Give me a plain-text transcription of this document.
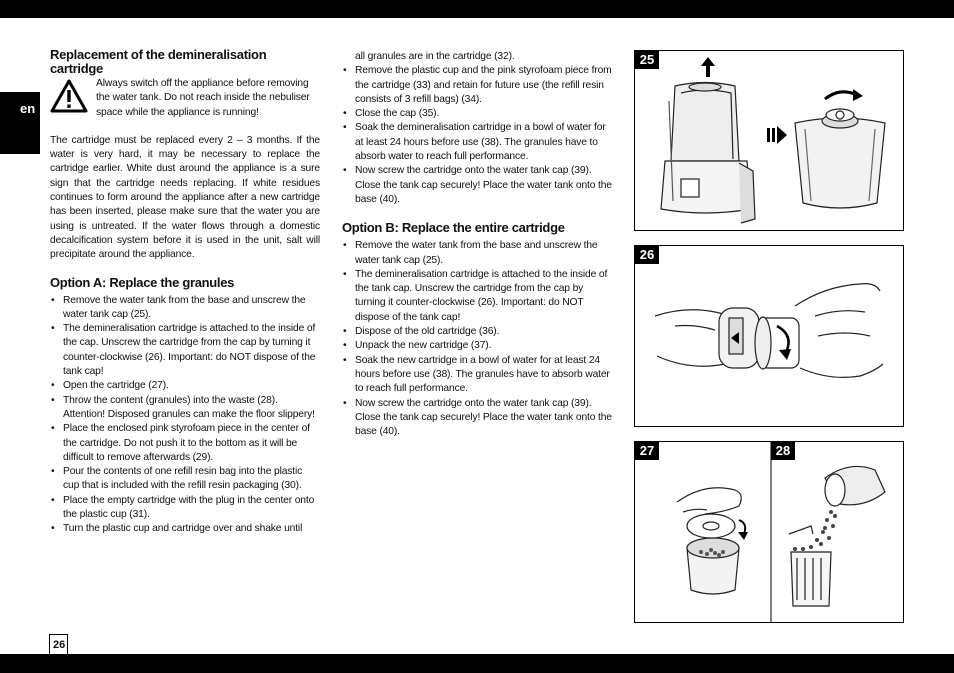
en
26
Replacement of the demineralisation cartridge
Always switch off the appliance before removing the water tank. Do not reach inside the nebuliser space while the appliance is running!
The cartridge must be replaced every 2 – 3 months. If the water is very hard, it may be necessary to replace the cartridge earlier. White dust around the appliance is a sure sign that the cartridge needs replacing. If white residues continues to form around the appliance after a new cartridge has been inserted, please make sure that the water you are using is untreated. If the water flows through a domestic decalcification system before it is used in the unit, salt will precipitate around the appliance.
Option A: Replace the granules
• Remove the water tank from the base and unscrew the water tank cap (25).
• The demineralisation cartridge is attached to the inside of the cap. Unscrew the cartridge from the cap by turning it counter-clockwise (26). Important: do NOT dispose of the tank cap!
• Open the cartridge (27).
• Throw the content (granules) into the waste (28). Attention! Disposed granules can make the floor slippery!
• Place the enclosed pink styrofoam piece in the center of the cartridge. Do not push it to the bottom as it will be difficult to remove afterwards (29).
• Pour the contents of one refill resin bag into the plastic cup that is included with the refill resin packaging (30).
• Place the empty cartridge with the plug in the center onto the plastic cup (31).
• Turn the plastic cup and cartridge over and shake until
all granules are in the cartridge (32).
• Remove the plastic cup and the pink styrofoam piece from the cartridge (33) and retain for future use (the refill resin consists of 3 refill bags) (34).
• Close the cap (35).
• Soak the demineralisation cartridge in a bowl of water for at least 24 hours before use (38). The granules have to absorb water to reach full performance.
• Now screw the cartridge onto the water tank cap (39). Close the tank cap securely! Place the water tank onto the base (40).
Option B: Replace the entire cartridge
• Remove the water tank from the base and unscrew the water tank cap (25).
• The demineralisation cartridge is attached to the inside of the tank cap. Unscrew the cartridge from the cap by turning it counter-clockwise (26). Important: do NOT dispose of the tank cap!
• Dispose of the old cartridge (36).
• Unpack the new cartridge (37).
• Soak the new cartridge in a bowl of water for at least 24 hours before use (38). The granules have to absorb water to reach full performance.
• Now screw the cartridge onto the water tank cap (39). Close the tank cap securely! Place the water tank onto the base (40).
25
26
27	28
